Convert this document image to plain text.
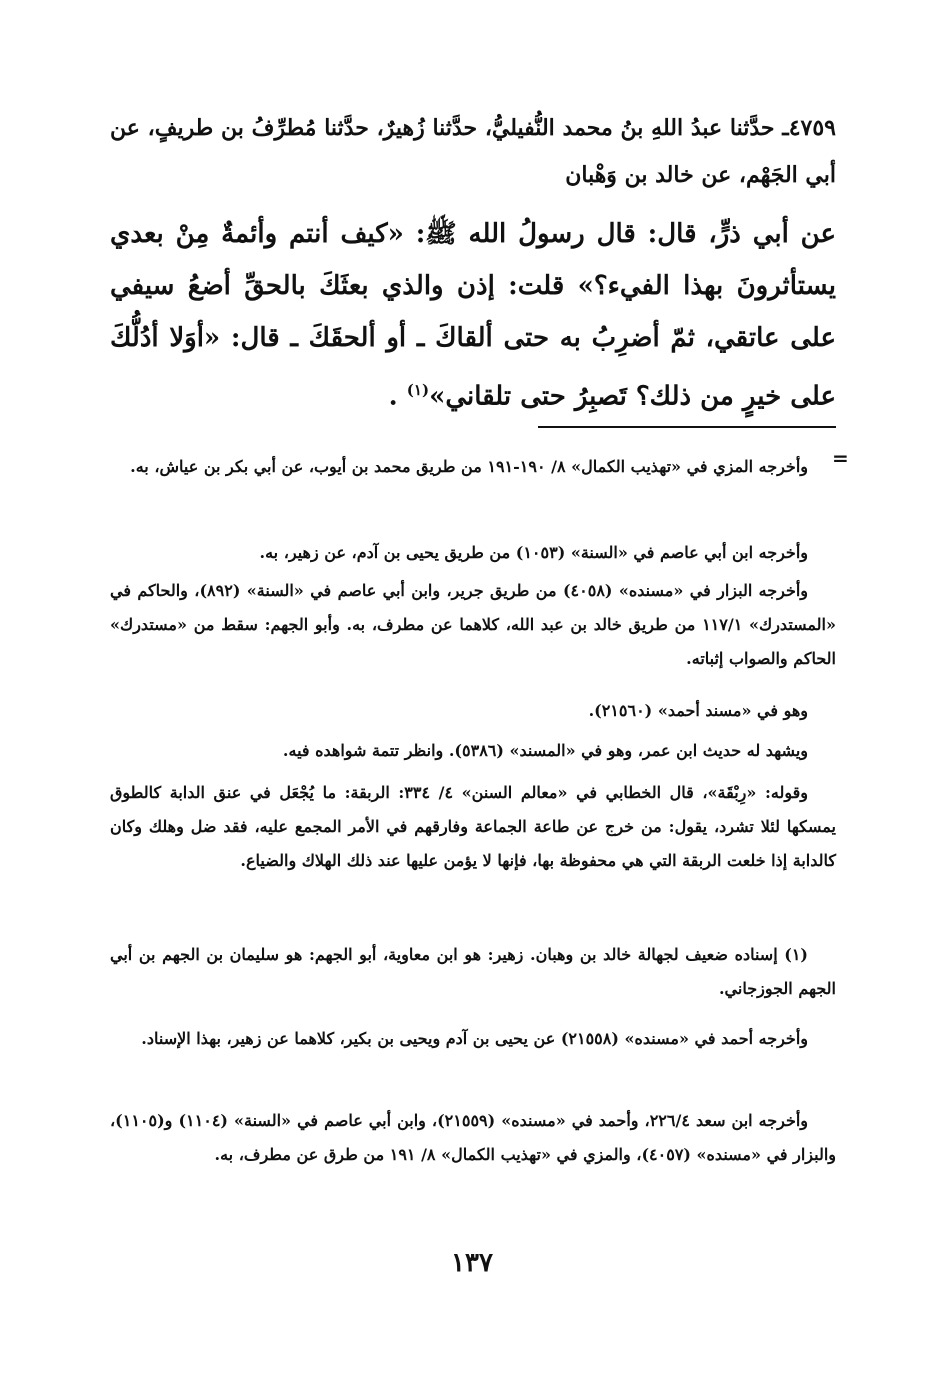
٤٧٥٩ـ حدَّثنا عبدُ اللهِ بنُ محمد النُّفيليُّ، حدَّثنا زُهيرٌ، حدَّثنا مُطرِّفُ بن طريفٍ، عن أبي الجَهْم، عن خالد بن وَهْبان

عن أبي ذرٍّ، قال: قال رسولُ الله ﷺ: «كيف أنتم وأئمةٌ مِنْ بعدي يستأثرونَ بهذا الفيء؟» قلت: إذن والذي بعثَكَ بالحقِّ أضعُ سيفي على عاتقي، ثمّ أضرِبُ به حتى ألقاكَ ـ أو ألحقَكَ ـ قال: «أوَلا أدُلُّكَ على خيرٍ من ذلك؟ تَصبِرُ حتى تلقاني»$^{(١)}$ .

=

وأخرجه المزي في «تهذيب الكمال» ٨/ ١٩٠-١٩١ من طريق محمد بن أيوب، عن أبي بكر بن عياش، به.

وأخرجه ابن أبي عاصم في «السنة» (١٠٥٣) من طريق يحيى بن آدم، عن زهير، به.

وأخرجه البزار في «مسنده» (٤٠٥٨) من طريق جرير، وابن أبي عاصم في «السنة» (٨٩٢)، والحاكم في «المستدرك» ١١٧/١ من طريق خالد بن عبد الله، كلاهما عن مطرف، به. وأبو الجهم: سقط من «مستدرك» الحاكم والصواب إثباته.

وهو في «مسند أحمد» (٢١٥٦٠).

ويشهد له حديث ابن عمر، وهو في «المسند» (٥٣٨٦). وانظر تتمة شواهده فيه.

وقوله: «رِبْقَة»، قال الخطابي في «معالم السنن» ٤/ ٣٣٤: الربقة: ما يُجْعَل في عنق الدابة كالطوق يمسكها لئلا تشرد، يقول: من خرج عن طاعة الجماعة وفارقهم في الأمر المجمع عليه، فقد ضل وهلك وكان كالدابة إذا خلعت الربقة التي هي محفوظة بها، فإنها لا يؤمن عليها عند ذلك الهلاك والضياع.

(١) إسناده ضعيف لجهالة خالد بن وهبان. زهير: هو ابن معاوية، أبو الجهم: هو سليمان بن الجهم بن أبي الجهم الجوزجاني.

وأخرجه أحمد في «مسنده» (٢١٥٥٨) عن يحيى بن آدم ويحيى بن بكير، كلاهما عن زهير، بهذا الإسناد.

وأخرجه ابن سعد ٢٢٦/٤، وأحمد في «مسنده» (٢١٥٥٩)، وابن أبي عاصم في «السنة» (١١٠٤) و(١١٠٥)، والبزار في «مسنده» (٤٠٥٧)، والمزي في «تهذيب الكمال» ٨/ ١٩١ من طرق عن مطرف، به.

١٣٧
